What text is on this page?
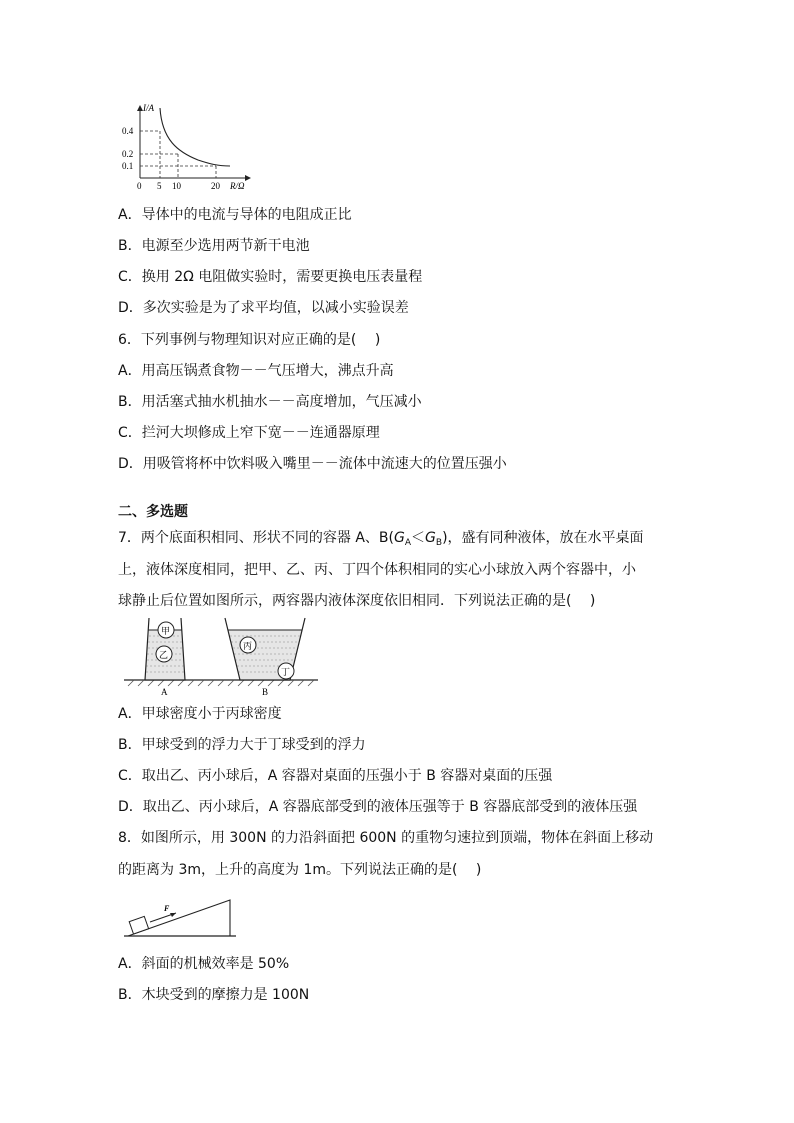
I/A
R/Ω
0.4
0.2
0.1
0 5 10	20
A．导体中的电流与导体的电阻成正比
B．电源至少选用两节新干电池
C．换用 2Ω 电阻做实验时，需要更换电压表量程
D．多次实验是为了求平均值，以减小实验误差
6．下列事例与物理知识对应正确的是(　 )
A．用高压锅煮食物－－气压增大，沸点升高
B．用活塞式抽水机抽水－－高度增加，气压减小
C．拦河大坝修成上窄下宽－－连通器原理
D．用吸管将杯中饮料吸入嘴里－－流体中流速大的位置压强小
二、多选题
7．两个底面积相同、形状不同的容器 A、$B(G_A<G_B)$，盛有同种液体，放在水平桌面
上，液体深度相同，把甲、乙、丙、丁四个体积相同的实心小球放入两个容器中，小
球静止后位置如图所示，两容器内液体深度依旧相同．下列说法正确的是(　 )
甲
乙
A
丙
丁
B
A．甲球密度小于丙球密度
B．甲球受到的浮力大于丁球受到的浮力
C．取出乙、丙小球后，A 容器对桌面的压强小于 B 容器对桌面的压强
D．取出乙、丙小球后，A 容器底部受到的液体压强等于 B 容器底部受到的液体压强
8．如图所示，用 300N 的力沿斜面把 600N 的重物匀速拉到顶端，物体在斜面上移动
的距离为 3m，上升的高度为 1m。下列说法正确的是(　 )
F
A．斜面的机械效率是 50%
B．木块受到的摩擦力是 100N
